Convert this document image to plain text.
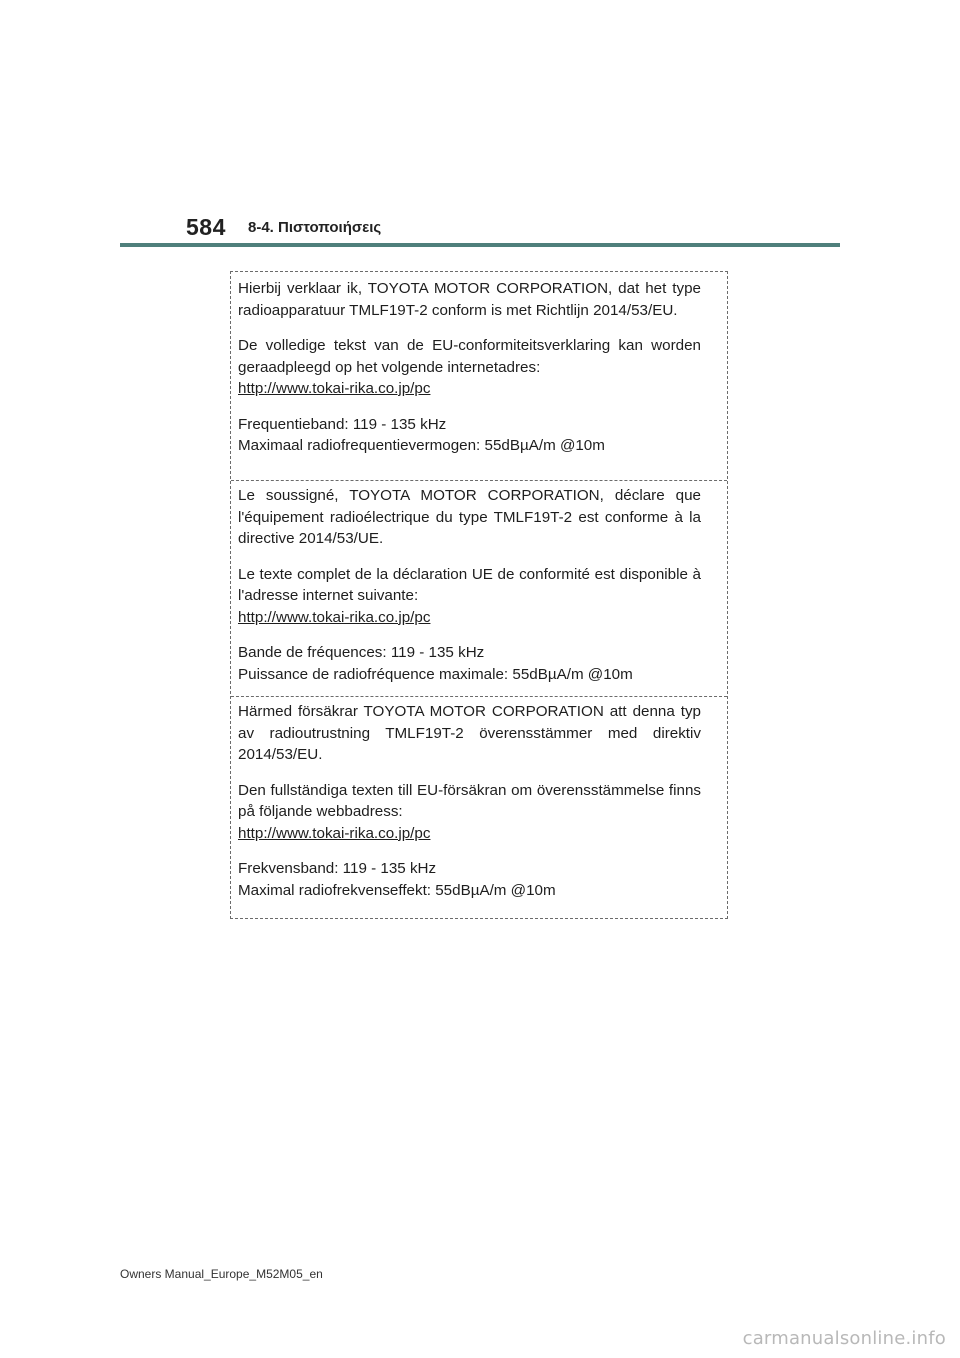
584 8-4. Πιστοποιήσεις

Hierbij verklaar ik, TOYOTA MOTOR CORPORATION, dat het type radioapparatuur TMLF19T-2 conform is met Richtlijn 2014/53/EU.

De volledige tekst van de EU-conformiteitsverklaring kan worden geraadpleegd op het volgende internetadres:
http://www.tokai-rika.co.jp/pc

Frequentieband: 119 - 135 kHz
Maximaal radiofrequentievermogen: 55dBµA/m @10m

Le soussigné, TOYOTA MOTOR CORPORATION, déclare que l'équipement radioélectrique du type TMLF19T-2 est conforme à la directive 2014/53/UE.

Le texte complet de la déclaration UE de conformité est disponible à l'adresse internet suivante:
http://www.tokai-rika.co.jp/pc

Bande de fréquences: 119 - 135 kHz
Puissance de radiofréquence maximale: 55dBµA/m @10m

Härmed försäkrar TOYOTA MOTOR CORPORATION att denna typ av radioutrustning TMLF19T-2 överensstämmer med direktiv 2014/53/EU.

Den fullständiga texten till EU-försäkran om överensstämmelse finns på följande webbadress:
http://www.tokai-rika.co.jp/pc

Frekvensband: 119 - 135 kHz
Maximal radiofrekvenseffekt: 55dBµA/m @10m

Owners Manual_Europe_M52M05_en
carmanualsonline.info
